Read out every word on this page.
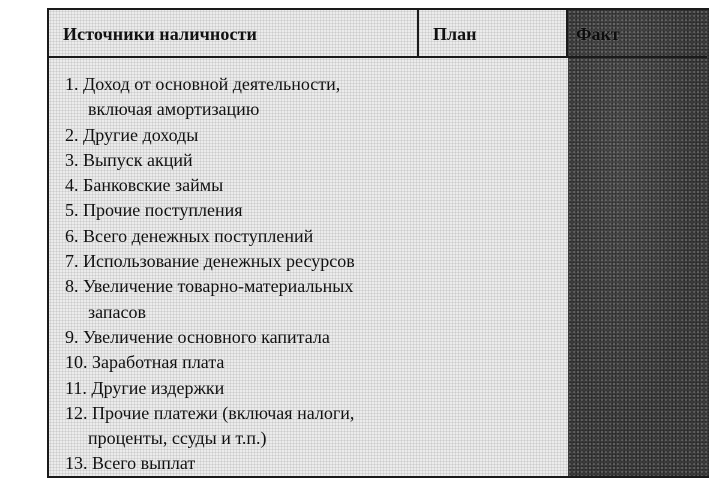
Источники наличности	План	Факт
1. Доход от основной деятельности,
включая амортизацию
2. Другие доходы
3. Выпуск акций
4. Банковские займы
5. Прочие поступления
6. Всего денежных поступлений
7. Использование денежных ресурсов
8. Увеличение товарно-материальных
запасов
9. Увеличение основного капитала
10. Заработная плата
11. Другие издержки
12. Прочие платежи (включая налоги,
проценты, ссуды и т.п.)
13. Всего выплат
